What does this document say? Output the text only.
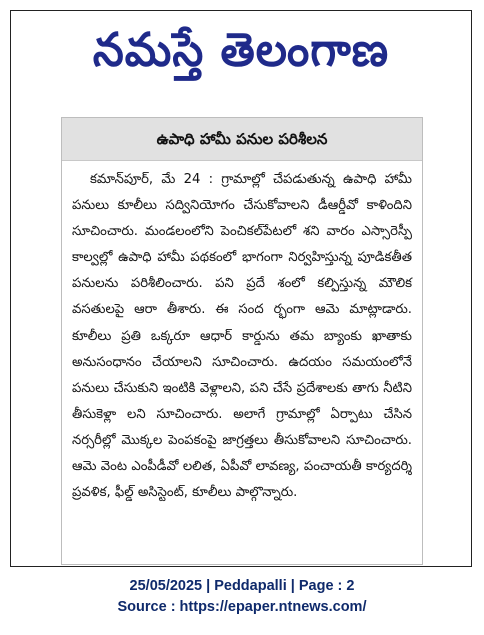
నమస్తే తెలంగాణ
ఉపాధి హామీ పనుల పరిశీలన
కమాన్‌పూర్, మే 24 : గ్రామాల్లో చేపడుతున్న ఉపాధి హామీ పనులు కూలీలు సద్వినియోగం చేసుకోవాలని డీఆర్డీవో కాళిందిని సూచించారు. మండలంలోని పెంచికల్‌పేటలో శని వారం ఎస్సారెస్పీ కాల్వల్లో ఉపాధి హామీ పథకంలో భాగంగా నిర్వహిస్తున్న పూడికతీత పనులను పరిశీలించారు. పని ప్రదే శంలో కల్పిస్తున్న మౌలిక వసతులపై ఆరా తీశారు. ఈ సంద ర్భంగా ఆమె మాట్లాడారు. కూలీలు ప్రతి ఒక్కరూ ఆధార్ కార్డును తమ బ్యాంకు ఖాతాకు అనుసంధానం చేయాలని సూచించారు. ఉదయం సమయంలోనే పనులు చేసుకుని ఇంటికి వెళ్లాలని, పని చేసే ప్రదేశాలకు తాగు నీటిని తీసుకెళ్లా లని సూచించారు. అలాగే గ్రామాల్లో ఏర్పాటు చేసిన నర్సరీల్లో మొక్కల పెంపకంపై జాగ్రత్తలు తీసుకోవాలని సూచించారు. ఆమె వెంట ఎంపీడీవో లలిత, ఏపీవో లావణ్య, పంచాయతీ కార్యదర్శి ప్రవళిక, ఫీల్డ్ అసిస్టెంట్, కూలీలు పాల్గొన్నారు.
25/05/2025 | Peddapalli | Page : 2
Source : https://epaper.ntnews.com/
